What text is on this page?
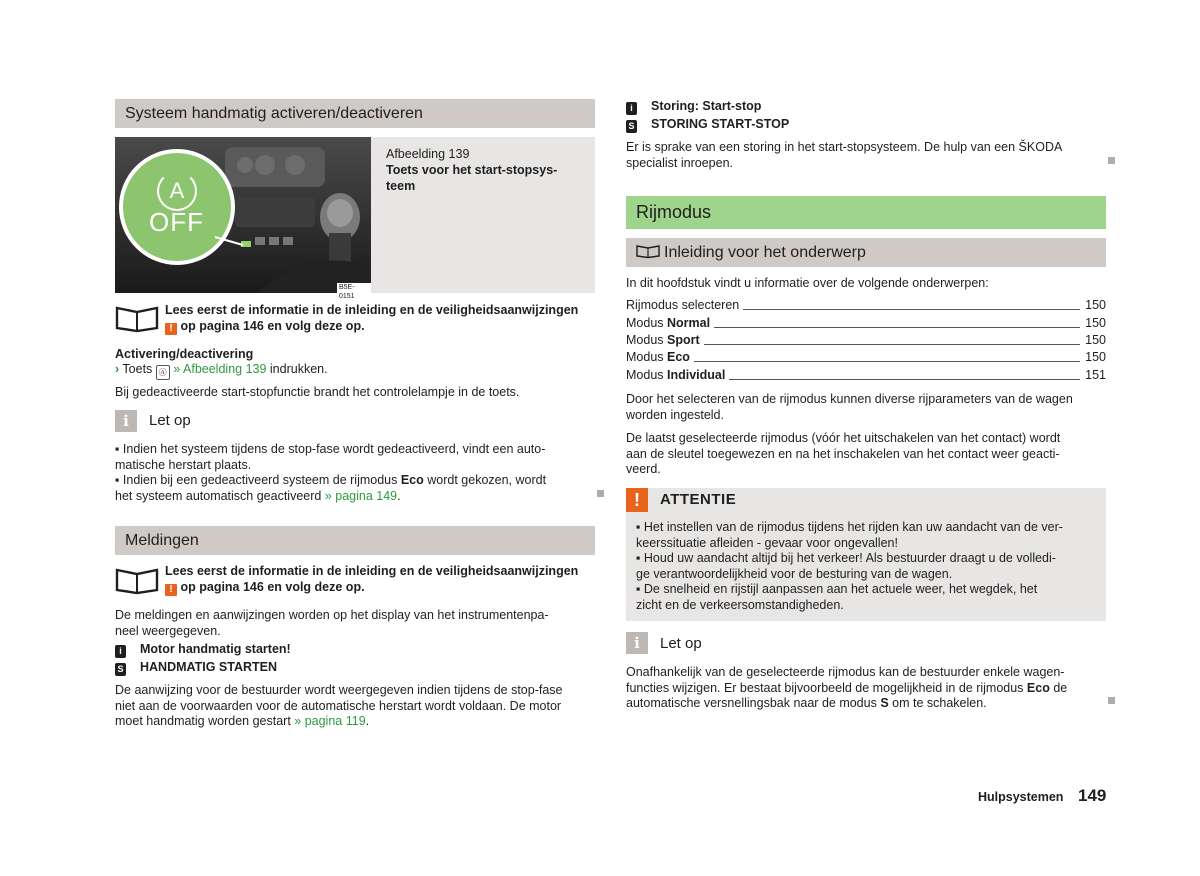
Systeem handmatig activeren/deactiveren
A
OFF
B5E-0151
Afbeelding 139
Toets voor het start-stopsys-teem
Lees eerst de informatie in de inleiding en de veiligheidsaanwijzingen
! op pagina 146 en volg deze op.
Activering/deactivering
› Toets Ⓐ » Afbeelding 139 indrukken.
Bij gedeactiveerde start-stopfunctie brandt het controlelampje in de toets.
i	Let op
▪ Indien het systeem tijdens de stop-fase wordt gedeactiveerd, vindt een auto-
matische herstart plaats.
▪ Indien bij een gedeactiveerd systeem de rijmodus Eco wordt gekozen, wordt
het systeem automatisch geactiveerd » pagina 149.
Meldingen
Lees eerst de informatie in de inleiding en de veiligheidsaanwijzingen
! op pagina 146 en volg deze op.
De meldingen en aanwijzingen worden op het display van het instrumentenpa-
neel weergegeven.
i Motor handmatig starten!
S HANDMATIG STARTEN
De aanwijzing voor de bestuurder wordt weergegeven indien tijdens de stop-fase
niet aan de voorwaarden voor de automatische herstart wordt voldaan. De motor
moet handmatig worden gestart » pagina 119.
i Storing: Start-stop
S STORING START-STOP
Er is sprake van een storing in het start-stopsysteem. De hulp van een ŠKODA
specialist inroepen.
Rijmodus
Inleiding voor het onderwerp
In dit hoofdstuk vindt u informatie over de volgende onderwerpen:
Rijmodus selecteren	150
Modus Normal	150
Modus Sport	150
Modus Eco	150
Modus Individual	151
Door het selecteren van de rijmodus kunnen diverse rijparameters van de wagen
worden ingesteld.
De laatst geselecteerde rijmodus (vóór het uitschakelen van het contact) wordt
aan de sleutel toegewezen en na het inschakelen van het contact weer geacti-
veerd.
!	ATTENTIE
▪ Het instellen van de rijmodus tijdens het rijden kan uw aandacht van de ver-
keerssituatie afleiden - gevaar voor ongevallen!
▪ Houd uw aandacht altijd bij het verkeer! Als bestuurder draagt u de volledi-
ge verantwoordelijkheid voor de besturing van de wagen.
▪ De snelheid en rijstijl aanpassen aan het actuele weer, het wegdek, het
zicht en de verkeersomstandigheden.
i	Let op
Onafhankelijk van de geselecteerde rijmodus kan de bestuurder enkele wagen-
functies wijzigen. Er bestaat bijvoorbeeld de mogelijkheid in de rijmodus Eco de
automatische versnellingsbak naar de modus S om te schakelen.
Hulpsystemen 149
